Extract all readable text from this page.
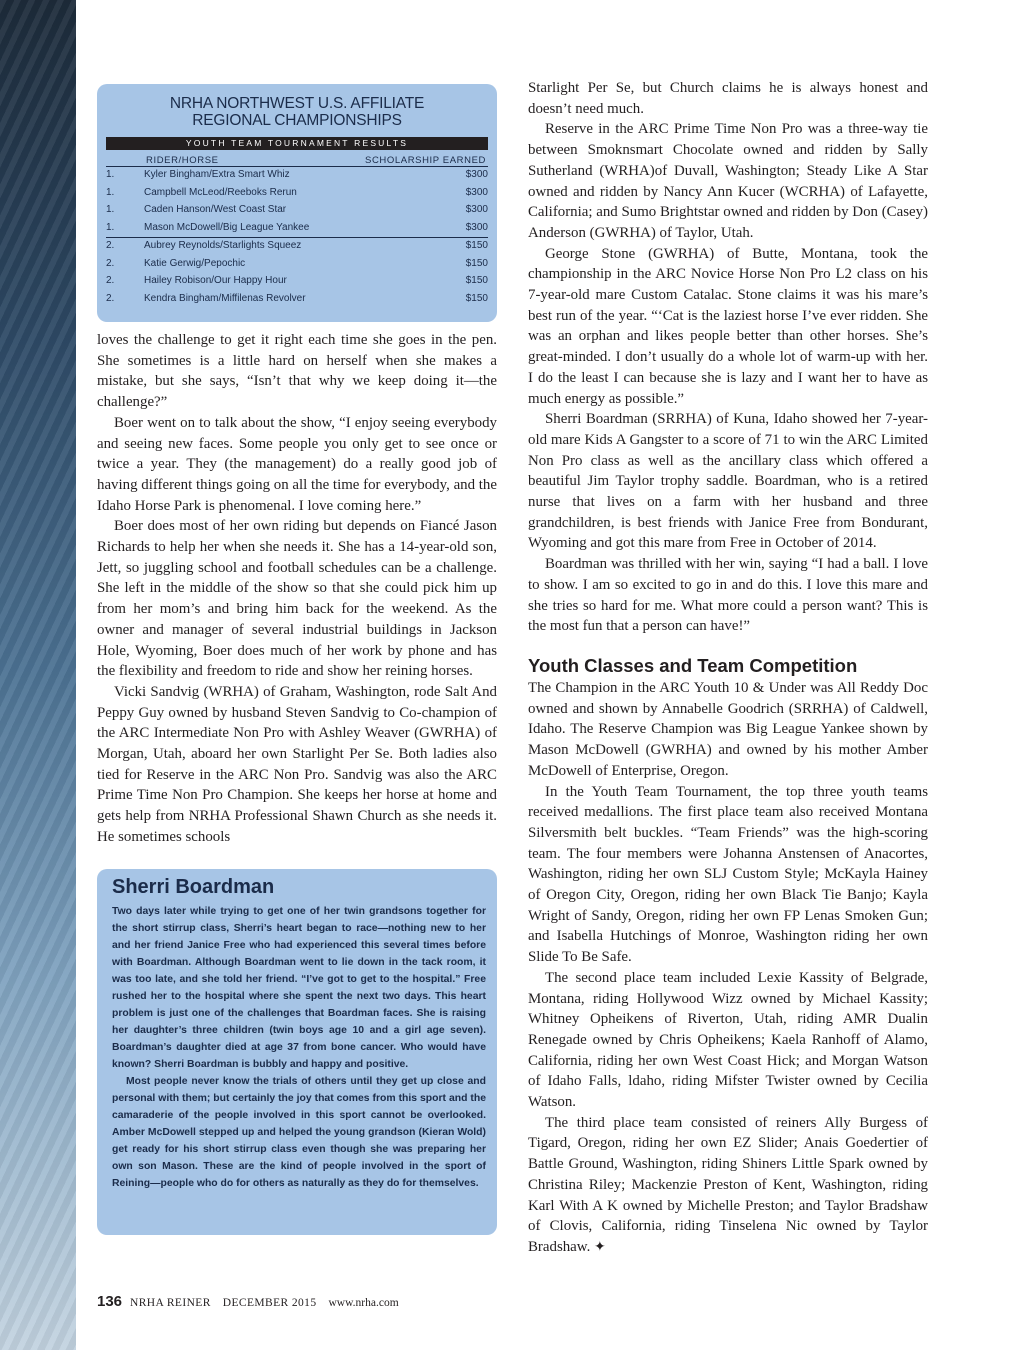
NRHA NORTHWEST U.S. AFFILIATE
REGIONAL CHAMPIONSHIPS
YOUTH TEAM TOURNAMENT RESULTS
RIDER/HORSE	SCHOLARSHIP EARNED
1.	Kyler Bingham/Extra Smart Whiz	$300
1.	Campbell McLeod/Reeboks Rerun	$300
1.	Caden Hanson/West Coast Star	$300
1.	Mason McDowell/Big League Yankee	$300
2.	Aubrey Reynolds/Starlights Squeez	$150
2.	Katie Gerwig/Pepochic	$150
2.	Hailey Robison/Our Happy Hour	$150
2.	Kendra Bingham/Miffilenas Revolver	$150

loves the challenge to get it right each time she goes in the pen. She sometimes is a little hard on herself when she makes a mistake, but she says, “Isn’t that why we keep doing it—the challenge?”

Boer went on to talk about the show, “I enjoy seeing everybody and seeing new faces. Some people you only get to see once or twice a year. They (the management) do a really good job of having different things going on all the time for everybody, and the Idaho Horse Park is phenomenal. I love coming here.”

Boer does most of her own riding but depends on Fiancé Jason Richards to help her when she needs it. She has a 14-year-old son, Jett, so juggling school and football schedules can be a challenge. She left in the middle of the show so that she could pick him up from her mom’s and bring him back for the weekend. As the owner and manager of several industrial buildings in Jackson Hole, Wyoming, Boer does much of her work by phone and has the flexibility and freedom to ride and show her reining horses.

Vicki Sandvig (WRHA) of Graham, Washington, rode Salt And Peppy Guy owned by husband Steven Sandvig to Co-champion of the ARC Intermediate Non Pro with Ashley Weaver (GWRHA) of Morgan, Utah, aboard her own Starlight Per Se. Both ladies also tied for Reserve in the ARC Non Pro. Sandvig was also the ARC Prime Time Non Pro Champion. She keeps her horse at home and gets help from NRHA Professional Shawn Church as she needs it. He sometimes schools

Sherri Boardman

Two days later while trying to get one of her twin grandsons together for the short stirrup class, Sherri’s heart began to race—nothing new to her and her friend Janice Free who had experienced this several times before with Boardman. Although Boardman went to lie down in the tack room, it was too late, and she told her friend. “I’ve got to get to the hospital.” Free rushed her to the hospital where she spent the next two days. This heart problem is just one of the challenges that Boardman faces. She is raising her daughter’s three children (twin boys age 10 and a girl age seven). Boardman’s daughter died at age 37 from bone cancer. Who would have known? Sherri Boardman is bubbly and happy and positive.

Most people never know the trials of others until they get up close and personal with them; but certainly the joy that comes from this sport and the camaraderie of the people involved in this sport cannot be overlooked. Amber McDowell stepped up and helped the young grandson (Kieran Wold) get ready for his short stirrup class even though she was preparing her own son Mason. These are the kind of people involved in the sport of Reining—people who do for others as naturally as they do for themselves.

Starlight Per Se, but Church claims he is always honest and doesn’t need much.

Reserve in the ARC Prime Time Non Pro was a three-way tie between Smoknsmart Chocolate owned and ridden by Sally Sutherland (WRHA)of Duvall, Washington; Steady Like A Star owned and ridden by Nancy Ann Kucer (WCRHA) of Lafayette, California; and Sumo Brightstar owned and ridden by Don (Casey) Anderson (GWRHA) of Taylor, Utah.

George Stone (GWRHA) of Butte, Montana, took the championship in the ARC Novice Horse Non Pro L2 class on his 7-year-old mare Custom Catalac. Stone claims it was his mare’s best run of the year. “‘Cat is the laziest horse I’ve ever ridden. She was an orphan and likes people better than other horses. She’s great-minded. I don’t usually do a whole lot of warm-up with her. I do the least I can because she is lazy and I want her to have as much energy as possible.”

Sherri Boardman (SRRHA) of Kuna, Idaho showed her 7-year-old mare Kids A Gangster to a score of 71 to win the ARC Limited Non Pro class as well as the ancillary class which offered a beautiful Jim Taylor trophy saddle. Boardman, who is a retired nurse that lives on a farm with her husband and three grandchildren, is best friends with Janice Free from Bondurant, Wyoming and got this mare from Free in October of 2014.

Boardman was thrilled with her win, saying “I had a ball. I love to show. I am so excited to go in and do this. I love this mare and she tries so hard for me. What more could a person want? This is the most fun that a person can have!”

Youth Classes and Team Competition

The Champion in the ARC Youth 10 & Under was All Reddy Doc owned and shown by Annabelle Goodrich (SRRHA) of Caldwell, Idaho. The Reserve Champion was Big League Yankee shown by Mason McDowell (GWRHA) and owned by his mother Amber McDowell of Enterprise, Oregon.

In the Youth Team Tournament, the top three youth teams received medallions. The first place team also received Montana Silversmith belt buckles. “Team Friends” was the high-scoring team. The four members were Johanna Anstensen of Anacortes, Washington, riding her own SLJ Custom Style; McKayla Hainey of Oregon City, Oregon, riding her own Black Tie Banjo; Kayla Wright of Sandy, Oregon, riding her own FP Lenas Smoken Gun; and Isabella Hutchings of Monroe, Washington riding her own Slide To Be Safe.

The second place team included Lexie Kassity of Belgrade, Montana, riding Hollywood Wizz owned by Michael Kassity; Whitney Opheikens of Riverton, Utah, riding AMR Dualin Renegade owned by Chris Opheikens; Kaela Ranhoff of Alamo, California, riding her own West Coast Hick; and Morgan Watson of Idaho Falls, ldaho, riding Mifster Twister owned by Cecilia Watson.

The third place team consisted of reiners Ally Burgess of Tigard, Oregon, riding her own EZ Slider; Anais Goedertier of Battle Ground, Washington, riding Shiners Little Spark owned by Christina Riley; Mackenzie Preston of Kent, Washington, riding Karl With A K owned by Michelle Preston; and Taylor Bradshaw of Clovis, California, riding Tinselena Nic owned by Taylor Bradshaw. ✦

136 NRHA REINER DECEMBER 2015 www.nrha.com
